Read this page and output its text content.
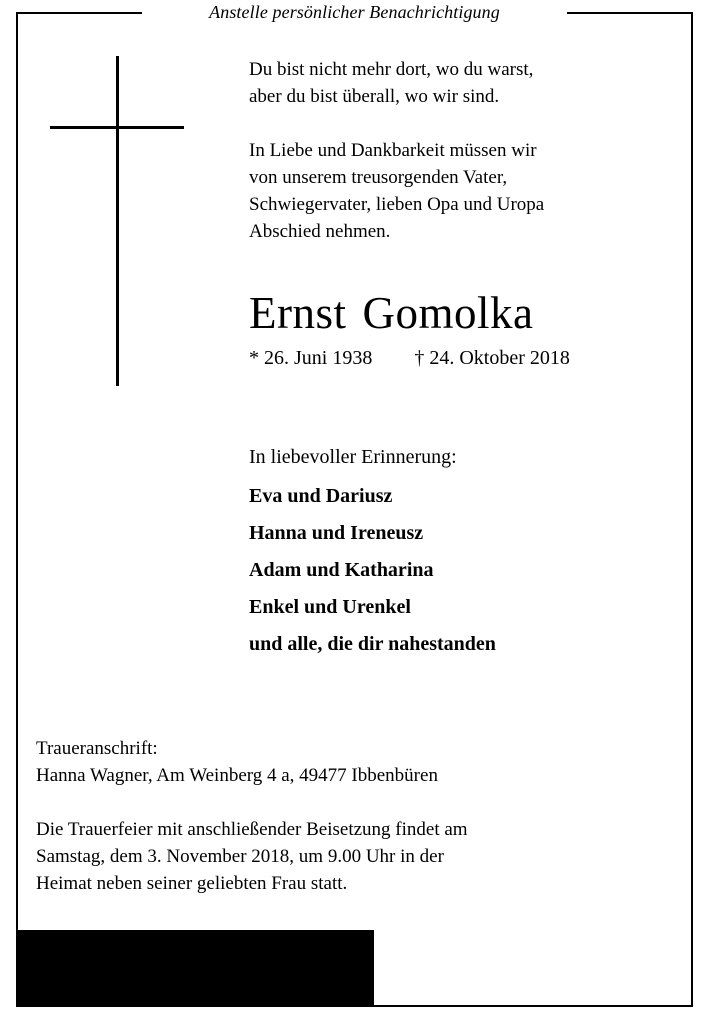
Anstelle persönlicher Benachrichtigung
Du bist nicht mehr dort, wo du warst,
aber du bist überall, wo wir sind.
In Liebe und Dankbarkeit müssen wir
von unserem treusorgenden Vater,
Schwiegervater, lieben Opa und Uropa
Abschied nehmen.
Ernst Gomolka
* 26. Juni 1938 † 24. Oktober 2018
In liebevoller Erinnerung:
Eva und Dariusz
Hanna und Ireneusz
Adam und Katharina
Enkel und Urenkel
und alle, die dir nahestanden
Traueranschrift:
Hanna Wagner, Am Weinberg 4 a, 49477 Ibbenbüren
Die Trauerfeier mit anschließender Beisetzung findet am
Samstag, dem 3. November 2018, um 9.00 Uhr in der
Heimat neben seiner geliebten Frau statt.
